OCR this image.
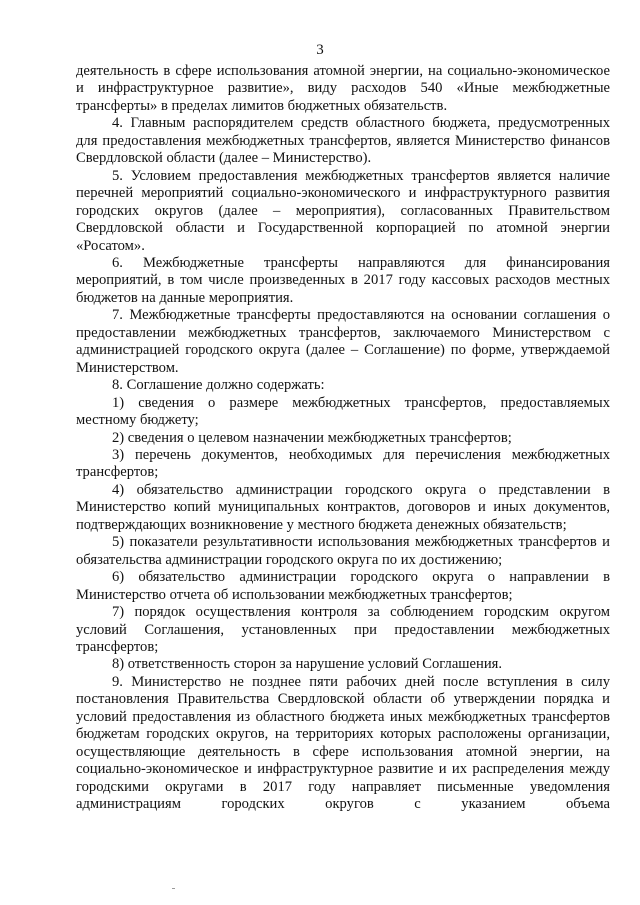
3

деятельность в сфере использования атомной энергии, на социально-экономическое и инфраструктурное развитие», виду расходов 540 «Иные межбюджетные трансферты» в пределах лимитов бюджетных обязательств.

4. Главным распорядителем средств областного бюджета, предусмотренных для предоставления межбюджетных трансфертов, является Министерство финансов Свердловской области (далее – Министерство).

5. Условием предоставления межбюджетных трансфертов является наличие перечней мероприятий социально-экономического и инфраструктурного развития городских округов (далее – мероприятия), согласованных Правительством Свердловской области и Государственной корпорацией по атомной энергии «Росатом».

6. Межбюджетные трансферты направляются для финансирования мероприятий, в том числе произведенных в 2017 году кассовых расходов местных бюджетов на данные мероприятия.

7. Межбюджетные трансферты предоставляются на основании соглашения о предоставлении межбюджетных трансфертов, заключаемого Министерством с администрацией городского округа (далее – Соглашение) по форме, утверждаемой Министерством.

8. Соглашение должно содержать:

1) сведения о размере межбюджетных трансфертов, предоставляемых местному бюджету;

2) сведения о целевом назначении межбюджетных трансфертов;

3) перечень документов, необходимых для перечисления межбюджетных трансфертов;

4) обязательство администрации городского округа о представлении в Министерство копий муниципальных контрактов, договоров и иных документов, подтверждающих возникновение у местного бюджета денежных обязательств;

5) показатели результативности использования межбюджетных трансфертов и обязательства администрации городского округа по их достижению;

6) обязательство администрации городского округа о направлении в Министерство отчета об использовании межбюджетных трансфертов;

7) порядок осуществления контроля за соблюдением городским округом условий Соглашения, установленных при предоставлении межбюджетных трансфертов;

8) ответственность сторон за нарушение условий Соглашения.

9. Министерство не позднее пяти рабочих дней после вступления в силу постановления Правительства Свердловской области об утверждении порядка и условий предоставления из областного бюджета иных межбюджетных трансфертов бюджетам городских округов, на территориях которых расположены организации, осуществляющие деятельность в сфере использования атомной энергии, на социально-экономическое и инфраструктурное развитие и их распределения между городскими округами в 2017 году направляет письменные уведомления администрациям городских округов с указанием объема
